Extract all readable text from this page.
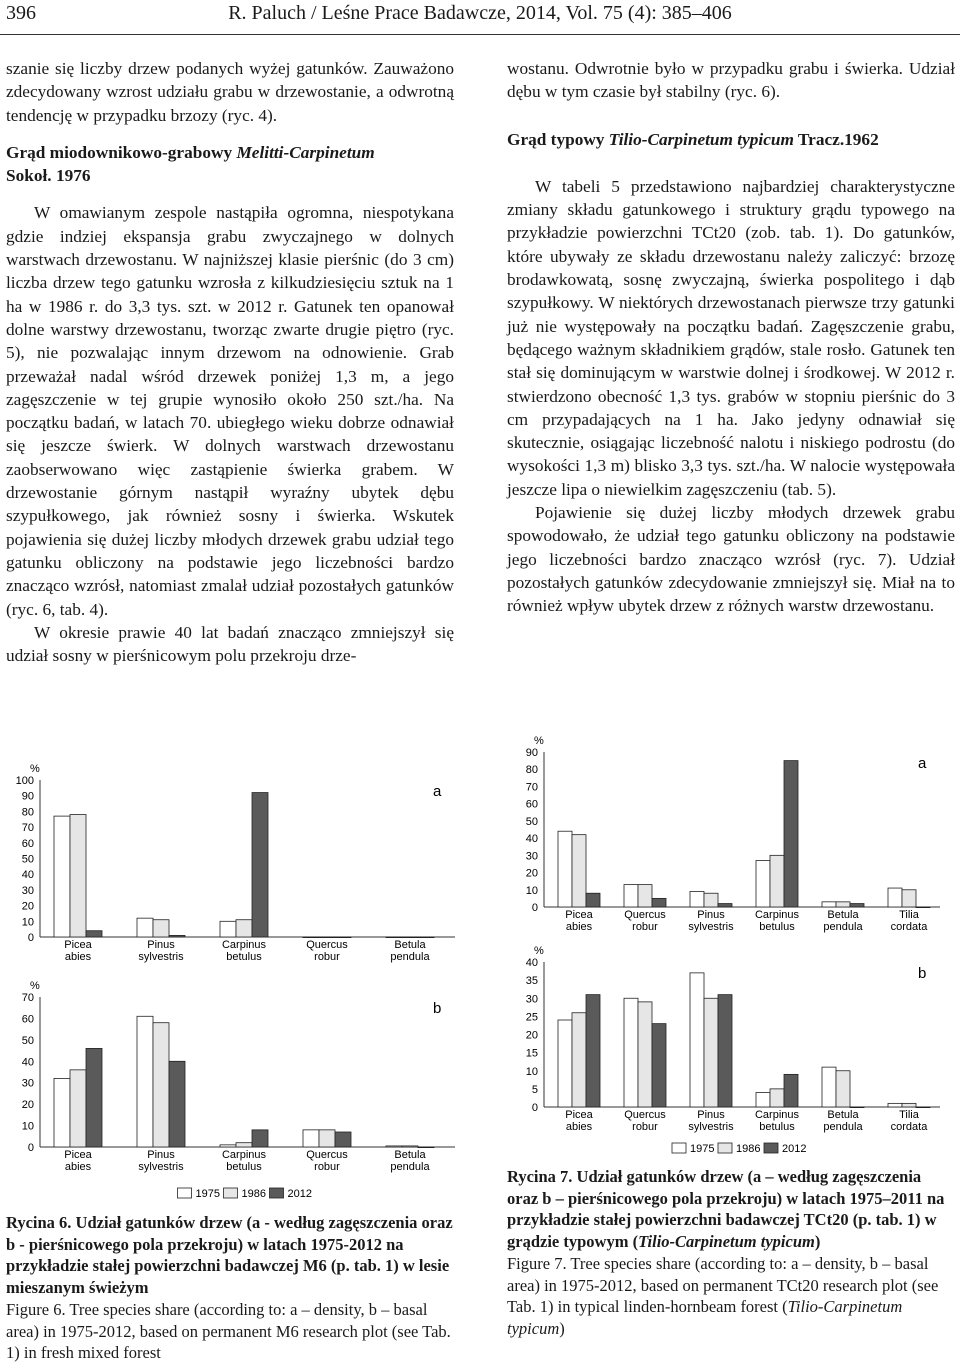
396	R. Paluch / Leśne Prace Badawcze, 2014, Vol. 75 (4): 385–406

szanie się liczby drzew podanych wyżej gatunków. Zauważono zdecydowany wzrost udziału grabu w drzewostanie, a odwrotną tendencję w przypadku brzozy (ryc. 4).

Grąd miodownikowo-grabowy Melitti-Carpinetum
Sokoł. 1976

W omawianym zespole nastąpiła ogromna, niespotykana gdzie indziej ekspansja grabu zwyczajnego w dolnych warstwach drzewostanu. W najniższej klasie pierśnic (do 3 cm) liczba drzew tego gatunku wzrosła z kilkudziesięciu sztuk na 1 ha w 1986 r. do 3,3 tys. szt. w 2012 r. Gatunek ten opanował dolne warstwy drzewostanu, tworząc zwarte drugie piętro (ryc. 5), nie pozwalając innym drzewom na odnowienie. Grab przeważał nadal wśród drzewek poniżej 1,3 m, a jego zagęszczenie w tej grupie wynosiło około 250 szt./ha. Na początku badań, w latach 70. ubiegłego wieku dobrze odnawiał się jeszcze świerk. W dolnych warstwach drzewostanu zaobserwowano więc zastąpienie świerka grabem. W drzewostanie górnym nastąpił wyraźny ubytek dębu szypułkowego, jak również sosny i świerka. Wskutek pojawienia się dużej liczby młodych drzewek grabu udział tego gatunku obliczony na podstawie jego liczebności bardzo znacząco wzrósł, natomiast zmalał udział pozostałych gatunków (ryc. 6, tab. 4).

W okresie prawie 40 lat badań znacząco zmniejszył się udział sosny w pierśnicowym polu przekroju drze-

wostanu. Odwrotnie było w przypadku grabu i świerka. Udział dębu w tym czasie był stabilny (ryc. 6).

Grąd typowy Tilio-Carpinetum typicum Tracz.1962

W tabeli 5 przedstawiono najbardziej charakterystyczne zmiany składu gatunkowego i struktury grądu typowego na przykładzie powierzchni TCt20 (zob. tab. 1). Do gatunków, które ubywały ze składu drzewostanu należy zaliczyć: brzozę brodawkowatą, sosnę zwyczajną, świerka pospolitego i dąb szypułkowy. W niektórych drzewostanach pierwsze trzy gatunki już nie występowały na początku badań. Zagęszczenie grabu, będącego ważnym składnikiem grądów, stale rosło. Gatunek ten stał się dominującym w warstwie dolnej i środkowej. W 2012 r. stwierdzono obecność 1,3 tys. grabów w stopniu pierśnic do 3 cm przypadających na 1 ha. Jako jedyny odnawiał się skutecznie, osiągając liczebność nalotu i niskiego podrostu (do wysokości 1,3 m) blisko 3,3 tys. szt./ha. W nalocie występowała jeszcze lipa o niewielkim zagęszczeniu (tab. 5).

Pojawienie się dużej liczby młodych drzewek grabu spowodowało, że udział tego gatunku obliczony na podstawie jego liczebności bardzo znacząco wzrósł (ryc. 7). Udział pozostałych gatunków zdecydowanie zmniejszył się. Miał na to również wpływ ubytek drzew z różnych warstw drzewostanu.

0
10
20
30
40
50
60
70
80
90
100
%
a
Picea
abies
Pinus
sylvestris
Carpinus
betulus
Quercus
robur
Betula
pendula
0
10
20
30
40
50
60
70
%
b
Picea
abies
Pinus
sylvestris
Carpinus
betulus
Quercus
robur
Betula
pendula
1975 1986 2012
0
10
20
30
40
50
60
70
80
90
%
a
Picea
abies
Quercus
robur
Pinus
sylvestris
Carpinus
betulus
Betula
pendula
Tilia
cordata
0
5
10
15
20
25
30
35
40
%
b
Picea
abies
Quercus
robur
Pinus
sylvestris
Carpinus
betulus
Betula
pendula
Tilia
cordata
1975 1986 2012
Rycina 6. Udział gatunków drzew (a - według zagęszczenia oraz b - pierśnicowego pola przekroju) w latach 1975-2012 na przykładzie stałej powierzchni badawczej M6 (p. tab. 1) w lesie mieszanym świeżym
Figure 6. Tree species share (according to: a – density, b – basal area) in 1975-2012, based on permanent M6 research plot (see Tab. 1) in fresh mixed forest
Rycina 7. Udział gatunków drzew (a – według zagęszczenia oraz b – pierśnicowego pola przekroju) w latach 1975–2011 na przykładzie stałej powierzchni badawczej TCt20 (p. tab. 1) w grądzie typowym (Tilio-Carpinetum typicum)
Figure 7. Tree species share (according to: a – density, b – basal area) in 1975-2012, based on permanent TCt20 research plot (see Tab. 1) in typical linden-hornbeam forest (Tilio-Carpinetum typicum)
